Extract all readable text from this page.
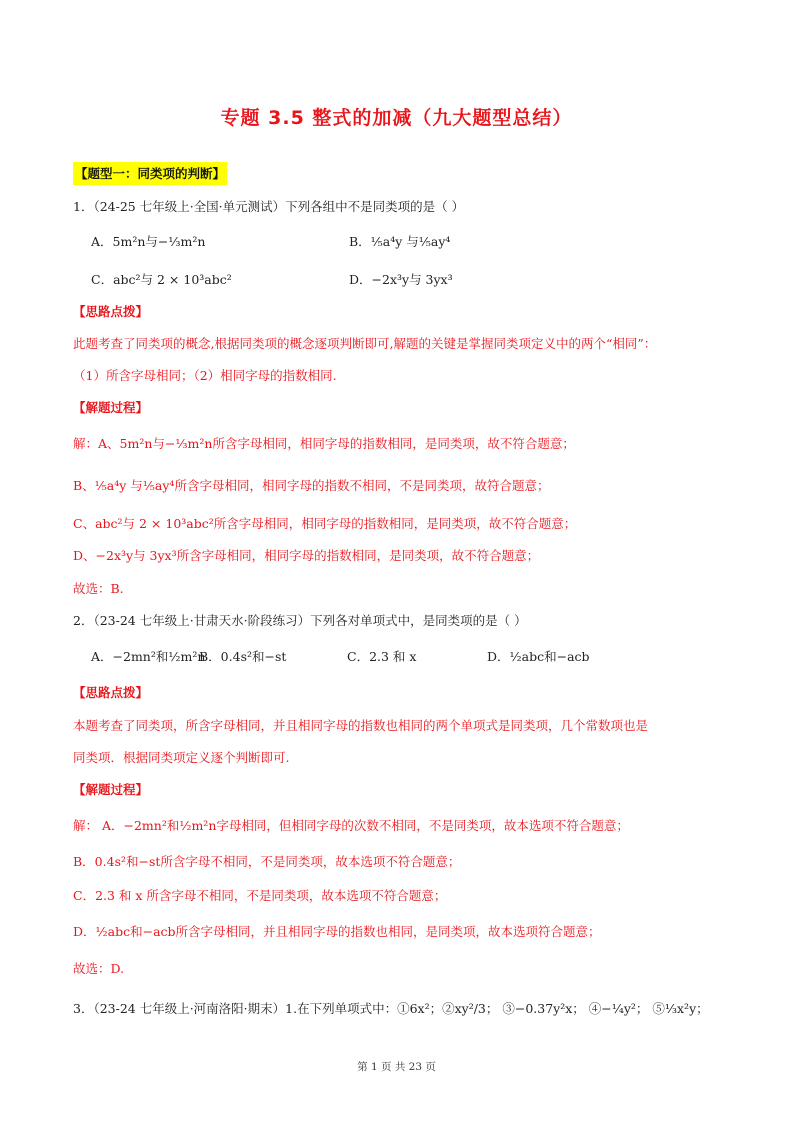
专题 3.5 整式的加减（九大题型总结）
【题型一：同类项的判断】
1．（24-25 七年级上·全国·单元测试）下列各组中不是同类项的是（ ）
A．5m²n与−⅓m²n	B．⅕a⁴y 与⅕ay⁴
C．abc²与 2 × 10³abc²	D．−2x³y与 3yx³
【思路点拨】
此题考查了同类项的概念,根据同类项的概念逐项判断即可,解题的关键是掌握同类项定义中的两个“相同”：
（1）所含字母相同；（2）相同字母的指数相同.
【解题过程】
解：A、5m²n与−⅓m²n所含字母相同，相同字母的指数相同，是同类项，故不符合题意；
B、⅕a⁴y 与⅕ay⁴所含字母相同，相同字母的指数不相同，不是同类项，故符合题意；
C、abc²与 2 × 10³abc²所含字母相同，相同字母的指数相同，是同类项，故不符合题意；
D、−2x³y与 3yx³所含字母相同，相同字母的指数相同，是同类项，故不符合题意；
故选：B.
2．（23-24 七年级上·甘肃天水·阶段练习）下列各对单项式中，是同类项的是（ ）
A．−2mn²和½m²n
B．0.4s²和−st	C．2.3 和 x	D．½abc和−acb
【思路点拨】
本题考查了同类项，所含字母相同，并且相同字母的指数也相同的两个单项式是同类项，几个常数项也是
同类项．根据同类项定义逐个判断即可.
【解题过程】
解： A．−2mn²和½m²n字母相同，但相同字母的次数不相同，不是同类项，故本选项不符合题意；
B．0.4s²和−st所含字母不相同，不是同类项，故本选项不符合题意；
C．2.3 和 x 所含字母不相同，不是同类项，故本选项不符合题意；
D．½abc和−acb所含字母相同，并且相同字母的指数也相同，是同类项，故本选项符合题意；
故选：D.
3．（23-24 七年级上·河南洛阳·期末）1.在下列单项式中：①6x²；②xy²/3； ③−0.37y²x； ④−¼y²； ⑤⅓x²y；
第 1 页 共 23 页
